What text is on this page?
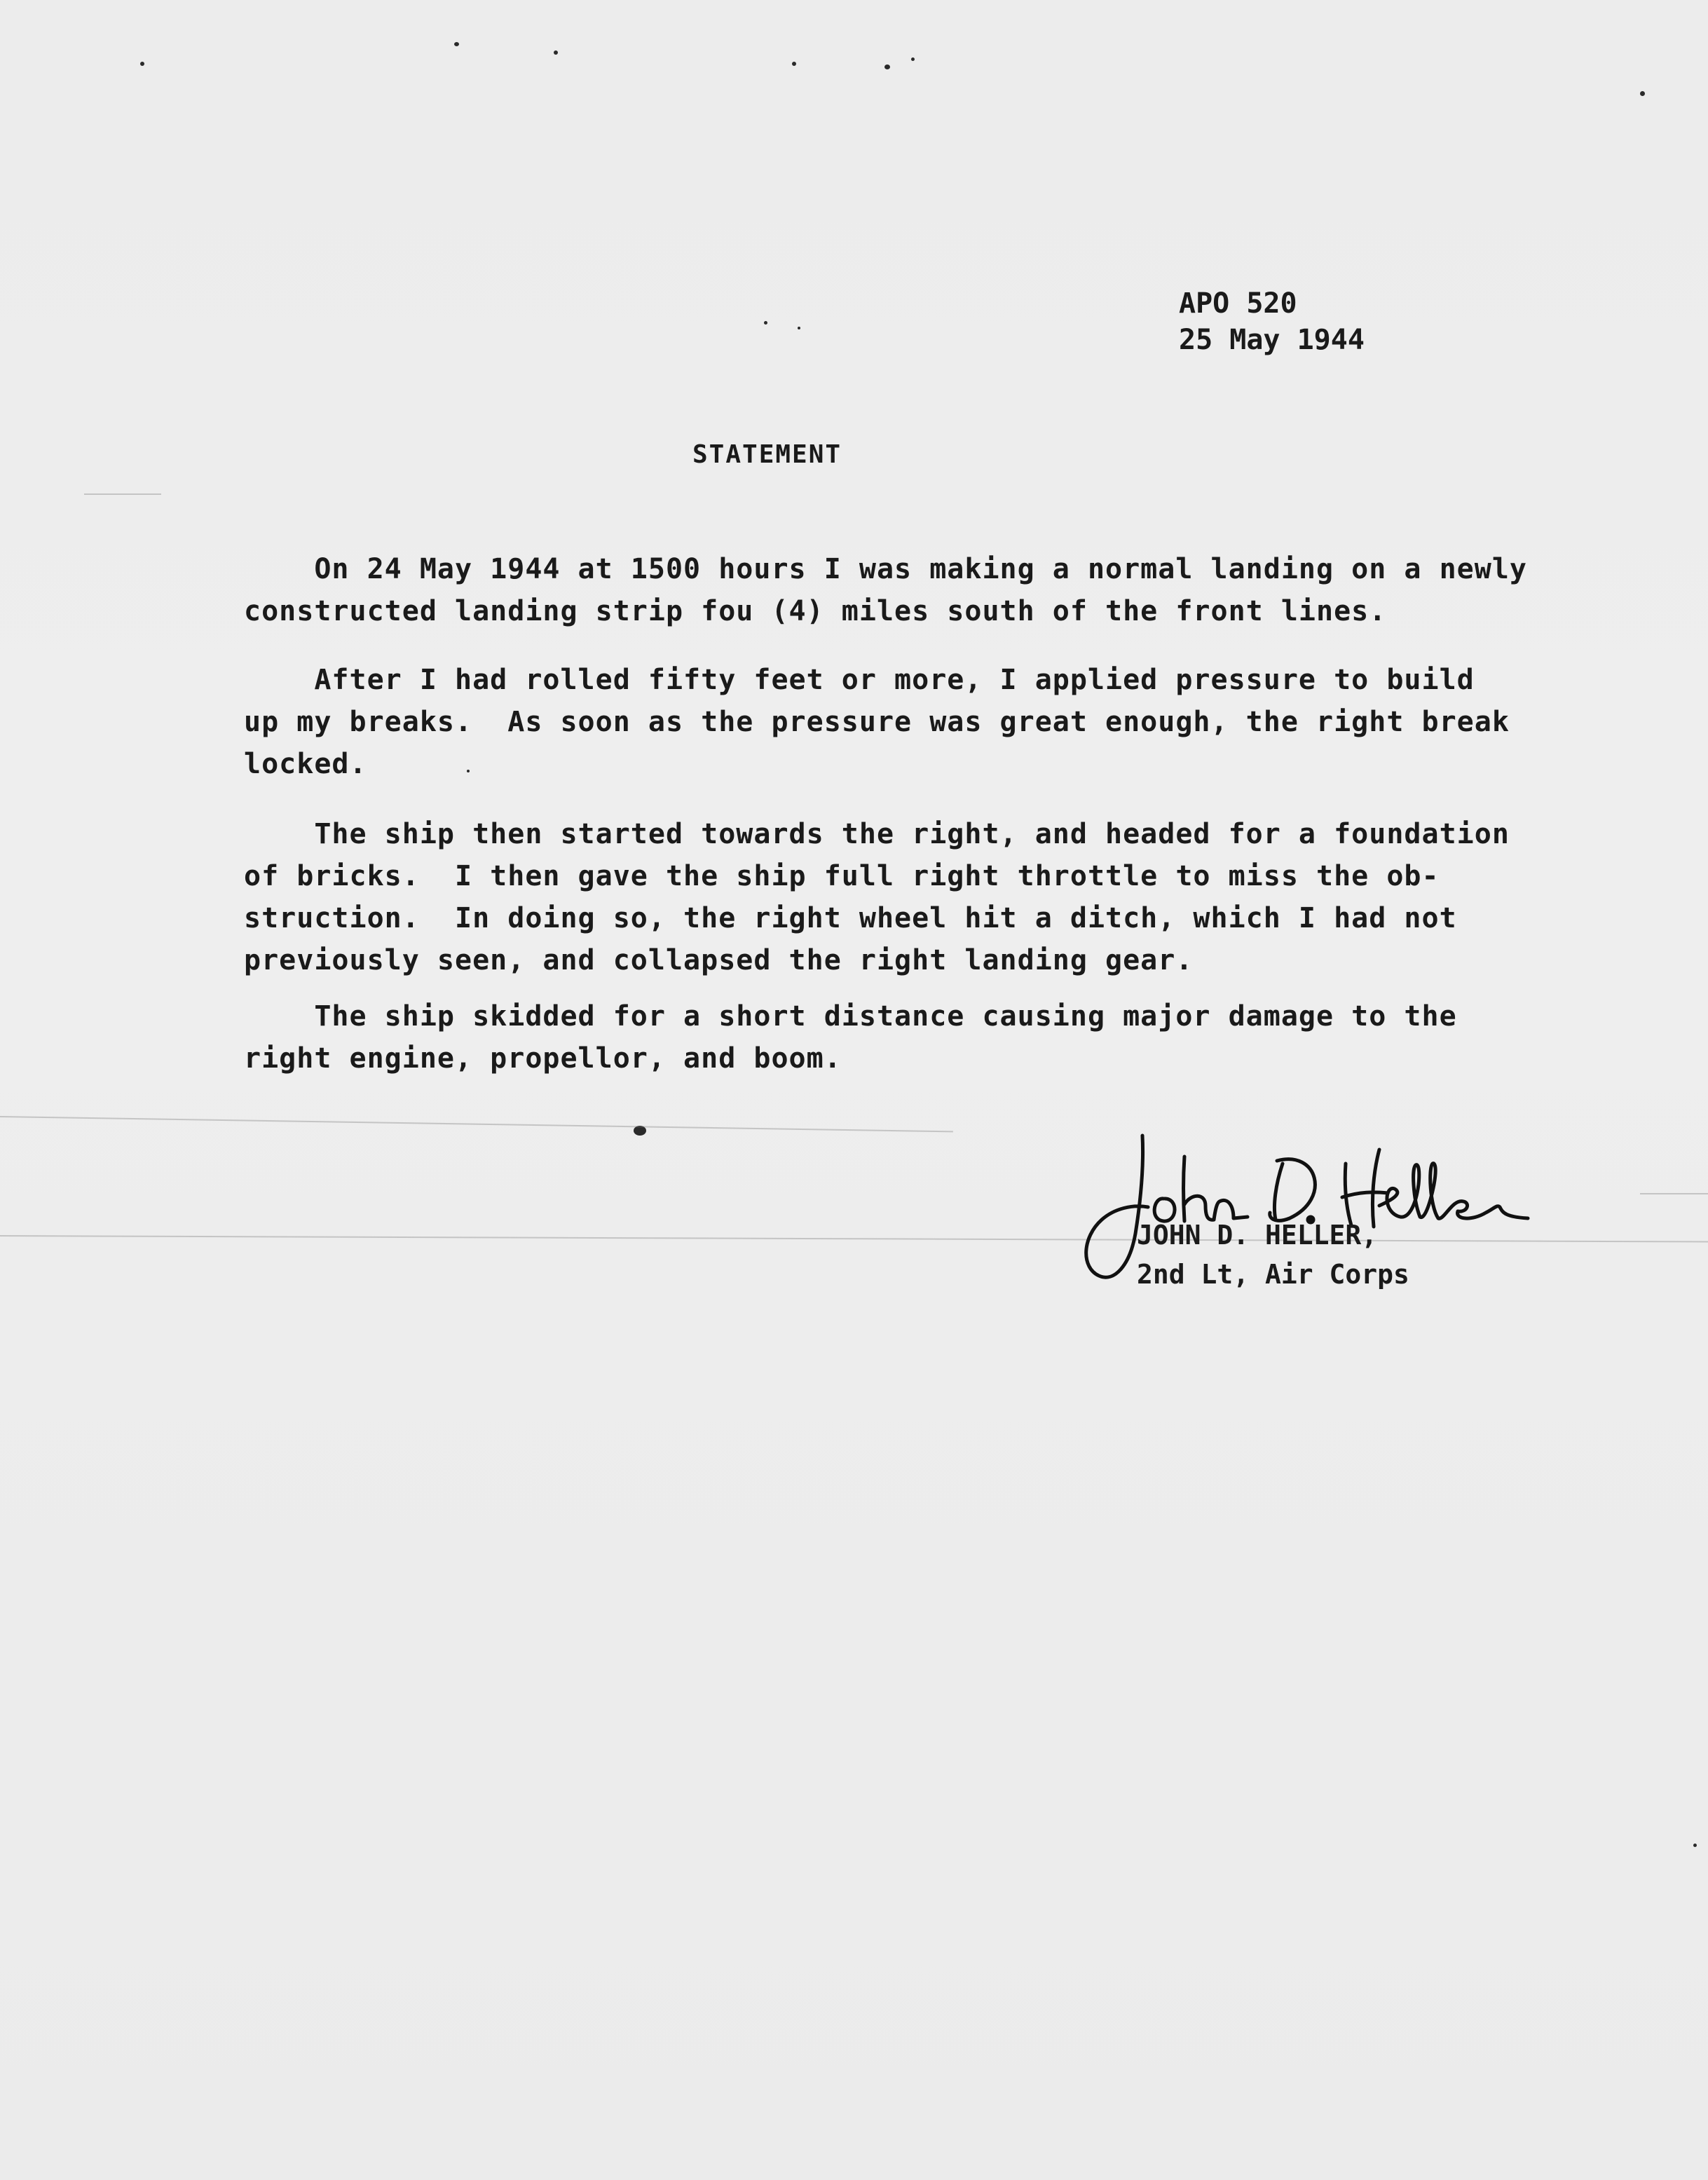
APO 520
25 May 1944
STATEMENT
On 24 May 1944 at 1500 hours I was making a normal landing on a newly
constructed landing strip fou (4) miles south of the front lines.
After I had rolled fifty feet or more, I applied pressure to build
up my breaks.  As soon as the pressure was great enough, the right break
locked.
The ship then started towards the right, and headed for a foundation
of bricks.  I then gave the ship full right throttle to miss the ob-
struction.  In doing so, the right wheel hit a ditch, which I had not
previously seen, and collapsed the right landing gear.
The ship skidded for a short distance causing major damage to the
right engine, propellor, and boom.
JOHN D. HELLER,
2nd Lt, Air Corps
